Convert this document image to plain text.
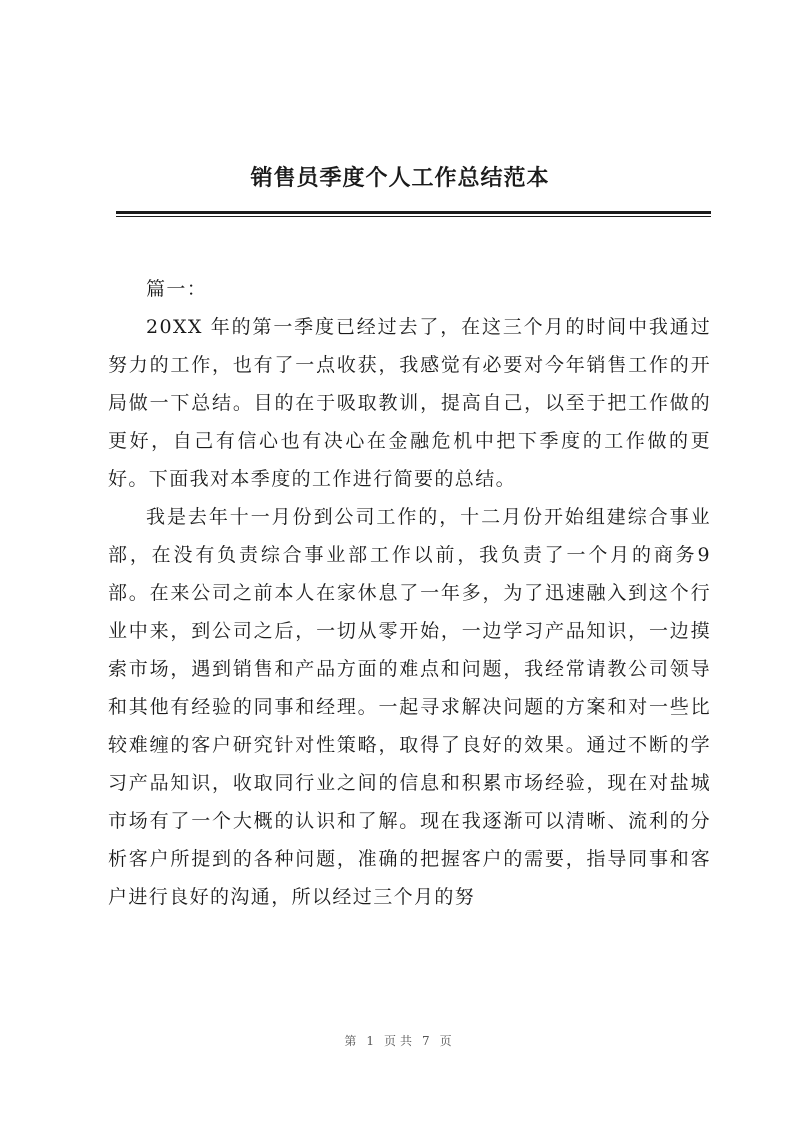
销售员季度个人工作总结范本

篇一：

20XX 年的第一季度已经过去了，在这三个月的时间中我通过努力的工作，也有了一点收获，我感觉有必要对今年销售工作的开局做一下总结。目的在于吸取教训，提高自己，以至于把工作做的更好，自己有信心也有决心在金融危机中把下季度的工作做的更好。下面我对本季度的工作进行简要的总结。

我是去年十一月份到公司工作的，十二月份开始组建综合事业部，在没有负责综合事业部工作以前，我负责了一个月的商务9 部。在来公司之前本人在家休息了一年多，为了迅速融入到这个行业中来，到公司之后，一切从零开始，一边学习产品知识，一边摸索市场，遇到销售和产品方面的难点和问题，我经常请教公司领导和其他有经验的同事和经理。一起寻求解决问题的方案和对一些比较难缠的客户研究针对性策略，取得了良好的效果。通过不断的学习产品知识，收取同行业之间的信息和积累市场经验，现在对盐城市场有了一个大概的认识和了解。现在我逐渐可以清晰、流利的分析客户所提到的各种问题，准确的把握客户的需要，指导同事和客户进行良好的沟通，所以经过三个月的努

第 1 页共 7 页
